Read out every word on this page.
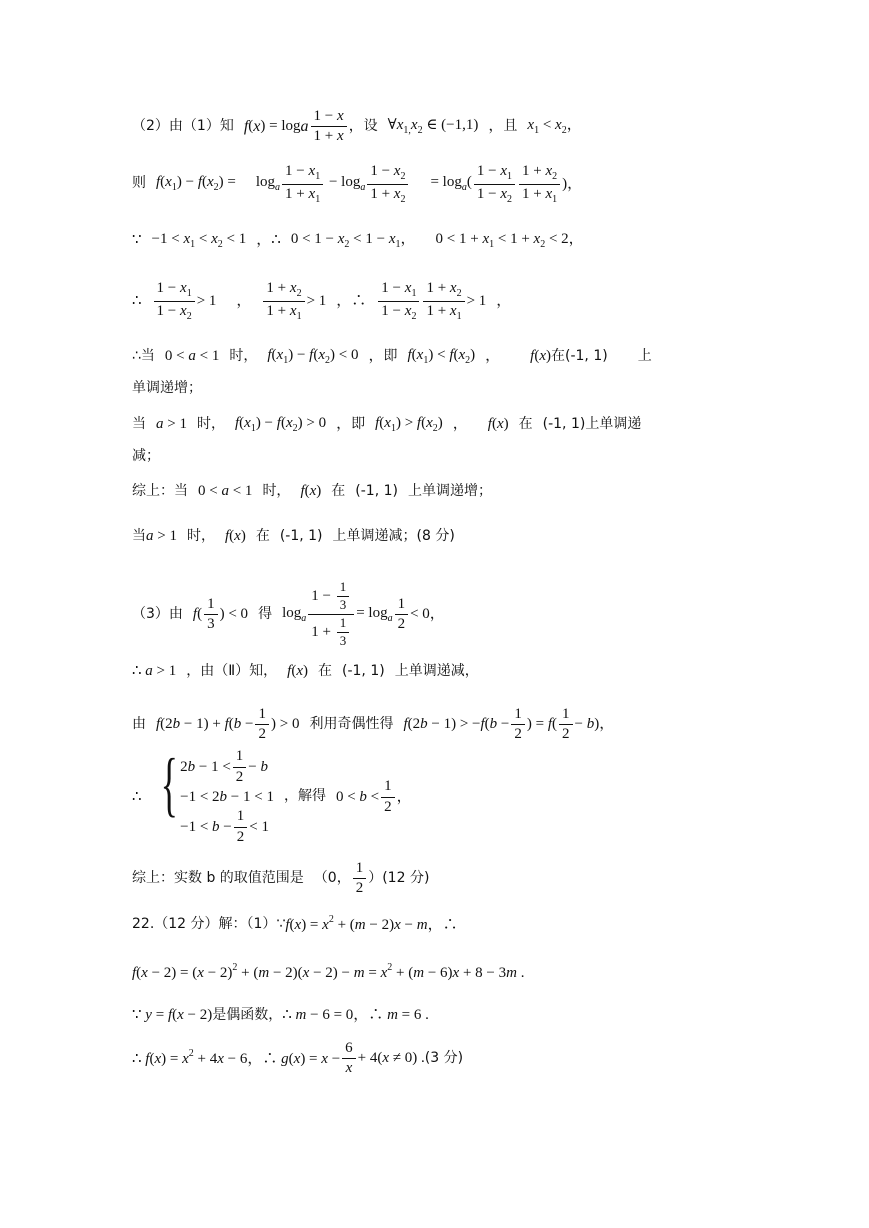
（2）由（1）知 f ( x ) = log a $\frac{1 - x}{1 + x}$ ， 设 $\forall x_{1,}x_2$ ∈ (−1,1) ， 且 $x_1 < x_2$，
则 $f(x_1) - f(x_2) = \log_a \frac{1 - x_1}{1 + x_1} - \log_a \frac{1 - x_2}{1 + x_2} = \log_a( \frac{1 - x_1}{1 - x_2} \frac{1 + x_2}{1 + x_1}$ )，
∵ $-1 < x_1 < x_2 < 1$ ， ∴ $0 < 1 - x_2 < 1 - x_1$， $0 < 1 + x_1 < 1 + x_2 < 2$，
∴ $\frac{1 - x_1}{1 - x_2} > 1$ ， $\frac{1 + x_2}{1 + x_1} > 1$ ，∴ $\frac{1 - x_1}{1 - x_2} \frac{1 + x_2}{1 + x_1} > 1$ ，
∴当 0 < a < 1 时， $f(x_1) - f(x_2) < 0$ ， 即 $f(x_1) < f(x_2)$ ， f(x) 在 (-1, 1) 上
单调递增；
当 a > 1 时， $f(x_1) - f(x_2) > 0$ ， 即 $f(x_1) > f(x_2)$ ， f(x) 在 (-1, 1) 上单调递
减；
综上：当 0 < a < 1 时， f(x) 在 (-1, 1) 上单调递增；
当 a > 1 时， f(x) 在 (-1, 1) 上单调递减； (8 分)
（3）由 $f( \frac{1}{3}$ ) < 0 得 $\log_a \frac{1 - \frac{1}{3}}{1 + \frac{1}{3}} = \log_a \frac{1}{2} < 0$，
∴ a > 1 ，由（Ⅱ）知， f(x) 在 (-1, 1) 上单调递减，
由 $f(2b - 1) + f(b - \frac{1}{2}$ ) > 0 利用奇偶性得 $f(2b - 1) > -f(b - \frac{1}{2}$ ) = $f( \frac{1}{2} - b)$，
∴ { $2b - 1 < \frac{1}{2} - b$
−1 < 2b − 1 < 1
$-1 < b - \frac{1}{2} < 1$
，解得 $0 < b < \frac{1}{2}$ ，
综上：实数 b 的取值范围是 （0， $\frac{1}{2}$ ） (12 分)
22.（12 分）解：（1）∵ $f(x) = x^2 + (m - 2)x - m$，∴
$f(x - 2) = (x - 2)^2 + (m - 2)(x - 2) - m = x^2 + (m - 6)x + 8 - 3m$ .
∵ y = f(x − 2) 是偶函数， ∴ m − 6 = 0，∴ m = 6 .
∴ $f(x) = x^2 + 4x - 6$，∴ $g(x) = x - \frac{6}{x} + 4(x \ne 0)$ . (3 分)
